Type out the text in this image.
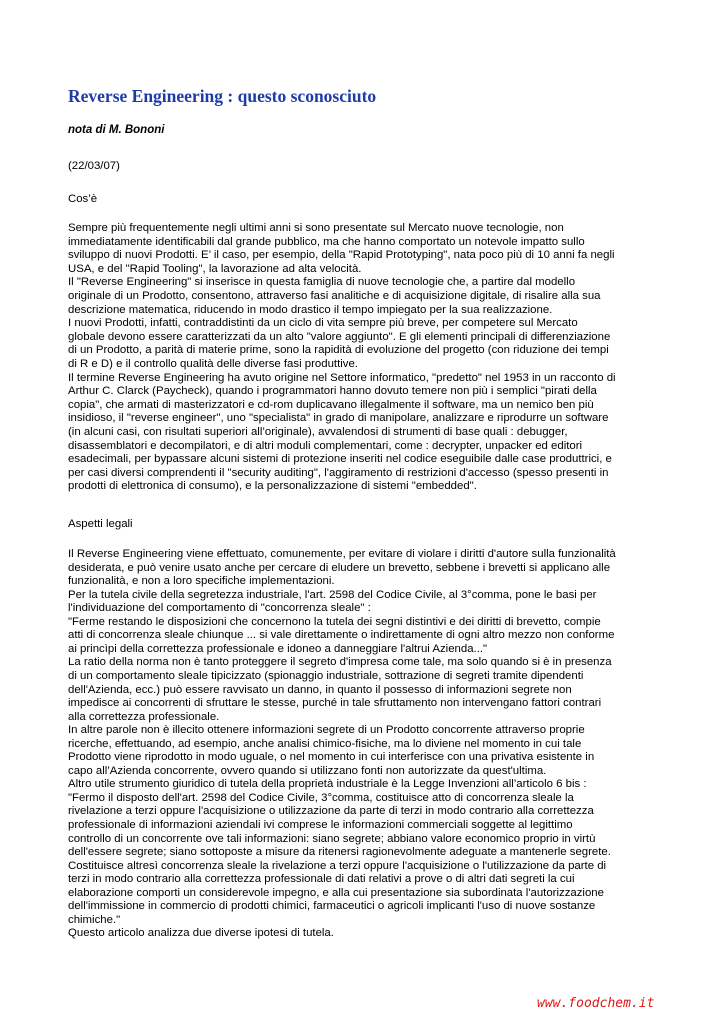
Reverse Engineering : questo sconosciuto
nota di M. Bononi
(22/03/07)
Cos’è
Sempre più frequentemente negli ultimi anni si sono presentate sul Mercato nuove tecnologie, non
immediatamente identificabili dal grande pubblico, ma che hanno comportato un notevole impatto sullo
sviluppo di nuovi Prodotti. E’ il caso, per esempio, della "Rapid Prototyping", nata poco più di 10 anni fa negli
USA, e del "Rapid Tooling", la lavorazione ad alta velocità.
Il "Reverse Engineering" si inserisce in questa famiglia di nuove tecnologie che, a partire dal modello
originale di un Prodotto, consentono, attraverso fasi analitiche e di acquisizione digitale, di risalire alla sua
descrizione matematica, riducendo in modo drastico il tempo impiegato per la sua realizzazione.
I nuovi Prodotti, infatti, contraddistinti da un ciclo di vita sempre più breve, per competere sul Mercato
globale devono essere caratterizzati da un alto "valore aggiunto". E gli elementi principali di differenziazione
di un Prodotto, a parità di materie prime, sono la rapidità di evoluzione del progetto (con riduzione dei tempi
di R e D) e il controllo qualità delle diverse fasi produttive.
Il termine Reverse Engineering ha avuto origine nel Settore informatico, "predetto" nel 1953 in un racconto di
Arthur C. Clarck (Paycheck), quando i programmatori hanno dovuto temere non più i semplici "pirati della
copia", che armati di masterizzatori e cd-rom duplicavano illegalmente il software, ma un nemico ben più
insidioso, il "reverse engineer", uno "specialista" in grado di manipolare, analizzare e riprodurre un software
(in alcuni casi, con risultati superiori all’originale), avvalendosi di strumenti di base quali : debugger,
disassemblatori e decompilatori, e di altri moduli complementari, come : decrypter, unpacker ed editori
esadecimali, per bypassare alcuni sistemi di protezione inseriti nel codice eseguibile dalle case produttrici, e
per casi diversi comprendenti il "security auditing", l'aggiramento di restrizioni d'accesso (spesso presenti in
prodotti di elettronica di consumo), e la personalizzazione di sistemi "embedded".
Aspetti legali
Il Reverse Engineering viene effettuato, comunemente, per evitare di violare i diritti d'autore sulla funzionalità
desiderata, e può venire usato anche per cercare di eludere un brevetto, sebbene i brevetti si applicano alle
funzionalità, e non a loro specifiche implementazioni.
Per la tutela civile della segretezza industriale, l'art. 2598 del Codice Civile, al 3°comma, pone le basi per
l'individuazione del comportamento di "concorrenza sleale" :
"Ferme restando le disposizioni che concernono la tutela dei segni distintivi e dei diritti di brevetto, compie
atti di concorrenza sleale chiunque ... si vale direttamente o indirettamente di ogni altro mezzo non conforme
ai princìpi della correttezza professionale e idoneo a danneggiare l'altrui Azienda..."
La ratio della norma non è tanto proteggere il segreto d'impresa come tale, ma solo quando si è in presenza
di un comportamento sleale tipicizzato (spionaggio industriale, sottrazione di segreti tramite dipendenti
dell'Azienda, ecc.) può essere ravvisato un danno, in quanto il possesso di informazioni segrete non
impedisce ai concorrenti di sfruttare le stesse, purché in tale sfruttamento non intervengano fattori contrari
alla correttezza professionale.
In altre parole non è illecito ottenere informazioni segrete di un Prodotto concorrente attraverso proprie
ricerche, effettuando, ad esempio, anche analisi chimico-fisiche, ma lo diviene nel momento in cui tale
Prodotto viene riprodotto in modo uguale, o nel momento in cui interferisce con una privativa esistente in
capo all’Azienda concorrente, ovvero quando si utilizzano fonti non autorizzate da quest'ultima.
Altro utile strumento giuridico di tutela della proprietà industriale è la Legge Invenzioni all’articolo 6 bis :
"Fermo il disposto dell'art. 2598 del Codice Civile, 3°comma, costituisce atto di concorrenza sleale la
rivelazione a terzi oppure l'acquisizione o utilizzazione da parte di terzi in modo contrario alla correttezza
professionale di informazioni aziendali ivi comprese le informazioni commerciali soggette al legittimo
controllo di un concorrente ove tali informazioni: siano segrete; abbiano valore economico proprio in virtù
dell'essere segrete; siano sottoposte a misure da ritenersi ragionevolmente adeguate a mantenerle segrete.
Costituisce altresì concorrenza sleale la rivelazione a terzi oppure l'acquisizione o l'utilizzazione da parte di
terzi in modo contrario alla correttezza professionale di dati relativi a prove o di altri dati segreti la cui
elaborazione comporti un considerevole impegno, e alla cui presentazione sia subordinata l'autorizzazione
dell'immissione in commercio di prodotti chimici, farmaceutici o agricoli implicanti l'uso di nuove sostanze
chimiche."
Questo articolo analizza due diverse ipotesi di tutela.
www.foodchem.it
